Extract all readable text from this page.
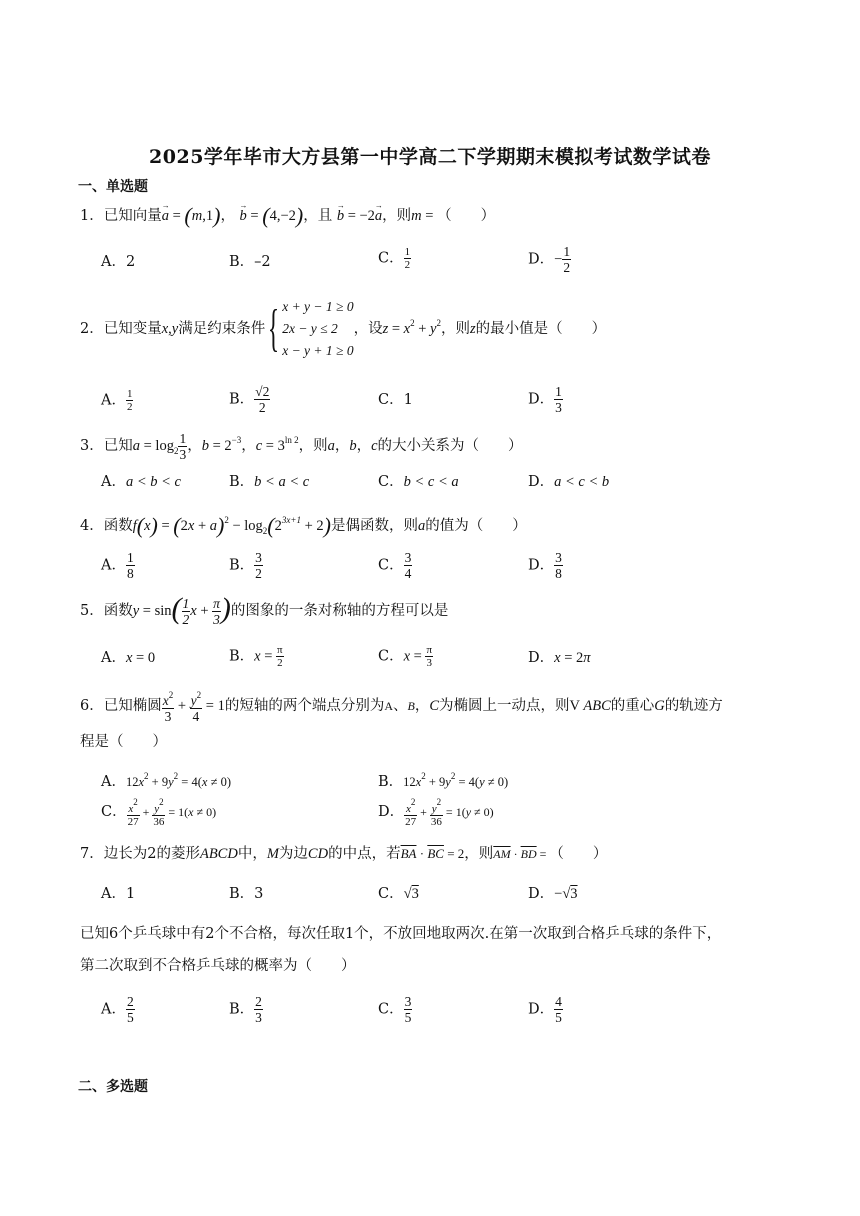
2025学年毕市大方县第一中学高二下学期期末模拟考试数学试卷
一、单选题
1．已知向量→ a = (m,1)， → b = (4,−2)，且 → b = −2→ a，则m = （　　）
A．2	B．–2	C． $\frac{1}{2}$	D．− $\frac{1}{2}$
2．已知变量x,y满足约束条件{ x + y − 1 ≥ 0
2x − y ≤ 2
x − y + 1 ≥ 0，设$z = x^2 + y^2$，则z的最小值是（　　）
A． $\frac{1}{2}$	B． $\frac{√2}{2}$	C．1	D． $\frac{1}{3}$
3．已知$a = \log_2 \frac{1}{3}$ ，$b = 2^{-3}$，$c = 3^{ln 2}$，则a，b，c的大小关系为（　　）
A．a < b < c	B．b < a < c	C．b < c < a	D．a < c < b
4．函数$f(x) = (2x + a)^2 - \log_2(2^{3x+1} + 2)$是偶函数，则a的值为（　　）
A． $\frac{1}{8}$	B． $\frac{3}{2}$	C． $\frac{3}{4}$	D． $\frac{3}{8}$
5．函数$y = \sin( \frac{1}{2}$ $x + \frac{\pi}{3}$ )的图象的一条对称轴的方程可以是
A．x = 0	B．$x = \frac{\pi}{2}$	C．$x = \frac{\pi}{3}$	D．x = 2π
6．已知椭圆 $\frac{x^2}{3} + \frac{y^2}{4} = 1$的短轴的两个端点分别为A、B，C为椭圆上一动点，则V ABC的重心G的轨迹方
程是（　　）
A．$12x^2 + 9y^2 = 4(x \ne 0)$	B．$12x^2 + 9y^2 = 4(y \ne 0)$
C． $\frac{x^2}{27} + \frac{y^2}{36} = 1(x \ne 0)$	D． $\frac{x^2}{27} + \frac{y^2}{36} = 1(y \ne 0)$
7．边长为2的菱形ABCD中，M为边CD的中点，若$\overline{BA} \cdot \overline{BC} = 2$，则$\overline{AM} \cdot \overline{BD}$ = （　　）
A．1	B．3	C．√3	D．−√3
已知6个乒乓球中有2个不合格，每次任取1个，不放回地取两次.在第一次取到合格乒乓球的条件下，
第二次取到不合格乒乓球的概率为（　　）
A． $\frac{2}{5}$	B． $\frac{2}{3}$	C． $\frac{3}{5}$	D． $\frac{4}{5}$
二、多选题
